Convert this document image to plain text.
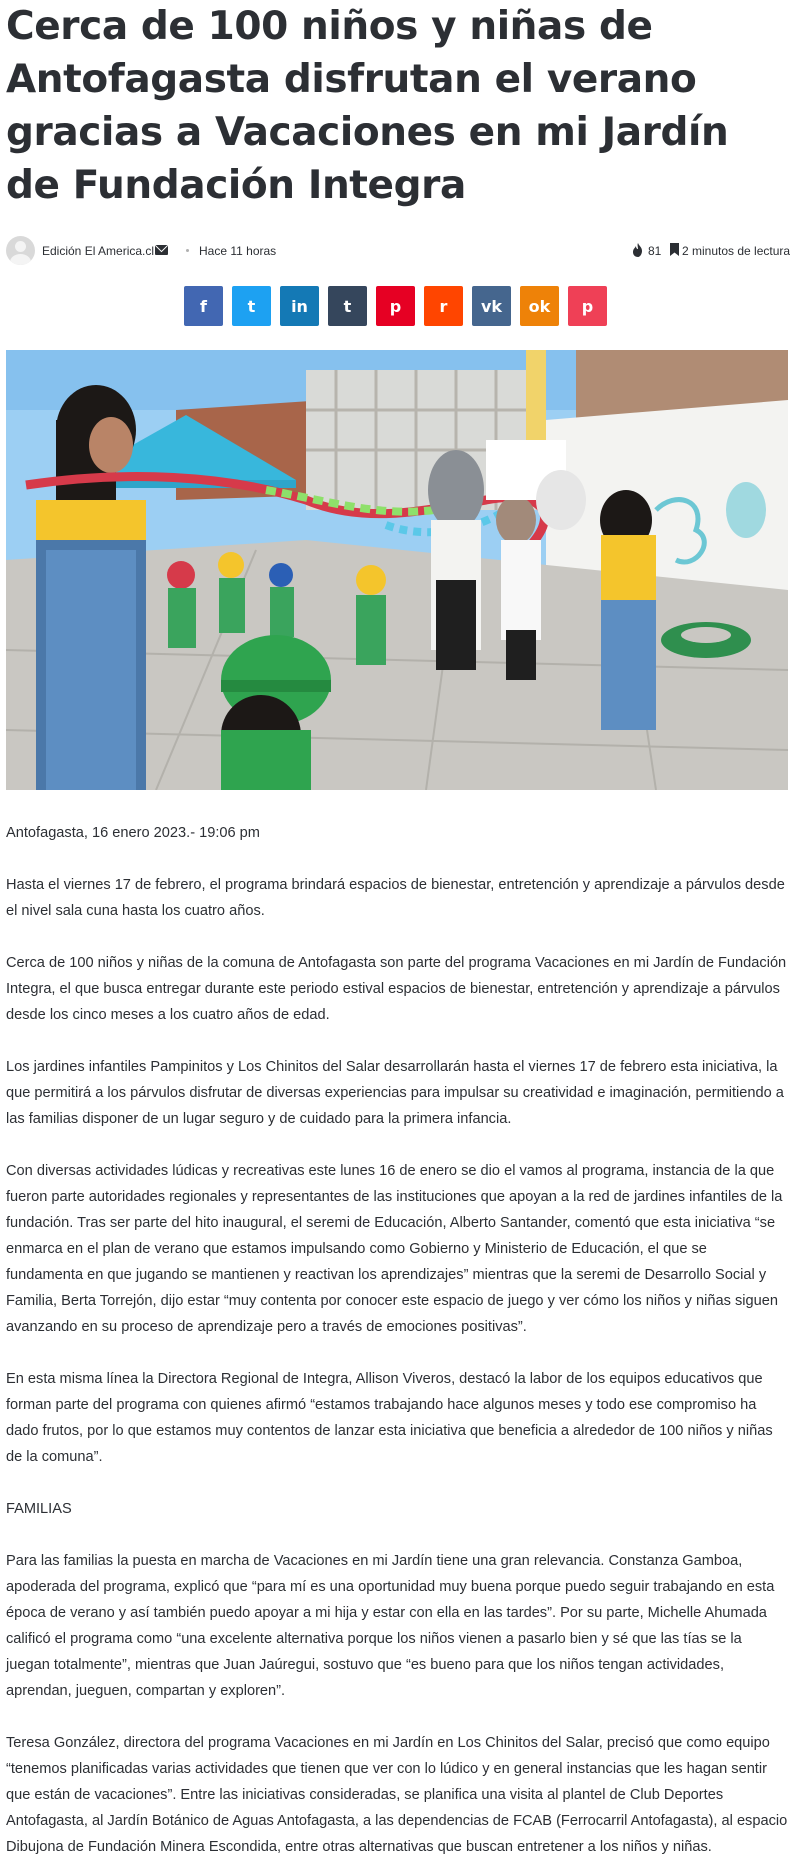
Cerca de 100 niños y niñas de Antofagasta disfrutan el verano gracias a Vacaciones en mi Jardín de Fundación Integra
Edición El America.cl	Hace 11 horas	81 2 minutos de lectura
f	t in t p r vk ok p

Antofagasta, 16 enero 2023.- 19:06 pm

Hasta el viernes 17 de febrero, el programa brindará espacios de bienestar, entretención y aprendizaje a párvulos desde el nivel sala cuna hasta los cuatro años.

Cerca de 100 niños y niñas de la comuna de Antofagasta son parte del programa Vacaciones en mi Jardín de Fundación Integra, el que busca entregar durante este periodo estival espacios de bienestar, entretención y aprendizaje a párvulos desde los cinco meses a los cuatro años de edad.

Los jardines infantiles Pampinitos y Los Chinitos del Salar desarrollarán hasta el viernes 17 de febrero esta iniciativa, la que permitirá a los párvulos disfrutar de diversas experiencias para impulsar su creatividad e imaginación, permitiendo a las familias disponer de un lugar seguro y de cuidado para la primera infancia.

Con diversas actividades lúdicas y recreativas este lunes 16 de enero se dio el vamos al programa, instancia de la que fueron parte autoridades regionales y representantes de las instituciones que apoyan a la red de jardines infantiles de la fundación. Tras ser parte del hito inaugural, el seremi de Educación, Alberto Santander, comentó que esta iniciativa “se enmarca en el plan de verano que estamos impulsando como Gobierno y Ministerio de Educación, el que se fundamenta en que jugando se mantienen y reactivan los aprendizajes” mientras que la seremi de Desarrollo Social y Familia, Berta Torrejón, dijo estar “muy contenta por conocer este espacio de juego y ver cómo los niños y niñas siguen avanzando en su proceso de aprendizaje pero a través de emociones positivas”.

En esta misma línea la Directora Regional de Integra, Allison Viveros, destacó la labor de los equipos educativos que forman parte del programa con quienes afirmó “estamos trabajando hace algunos meses y todo ese compromiso ha dado frutos, por lo que estamos muy contentos de lanzar esta iniciativa que beneficia a alrededor de 100 niños y niñas de la comuna”.

FAMILIAS

Para las familias la puesta en marcha de Vacaciones en mi Jardín tiene una gran relevancia. Constanza Gamboa, apoderada del programa, explicó que “para mí es una oportunidad muy buena porque puedo seguir trabajando en esta época de verano y así también puedo apoyar a mi hija y estar con ella en las tardes”. Por su parte, Michelle Ahumada calificó el programa como “una excelente alternativa porque los niños vienen a pasarlo bien y sé que las tías se la juegan totalmente”, mientras que Juan Jaúregui, sostuvo que “es bueno para que los niños tengan actividades, aprendan, jueguen, compartan y exploren”.

Teresa González, directora del programa Vacaciones en mi Jardín en Los Chinitos del Salar, precisó que como equipo “tenemos planificadas varias actividades que tienen que ver con lo lúdico y en general instancias que les hagan sentir que están de vacaciones”. Entre las iniciativas consideradas, se planifica una visita al plantel de Club Deportes Antofagasta, al Jardín Botánico de Aguas Antofagasta, a las dependencias de FCAB (Ferrocarril Antofagasta), al espacio Dibujona de Fundación Minera Escondida, entre otras alternativas que buscan entretener a los niños y niñas.
